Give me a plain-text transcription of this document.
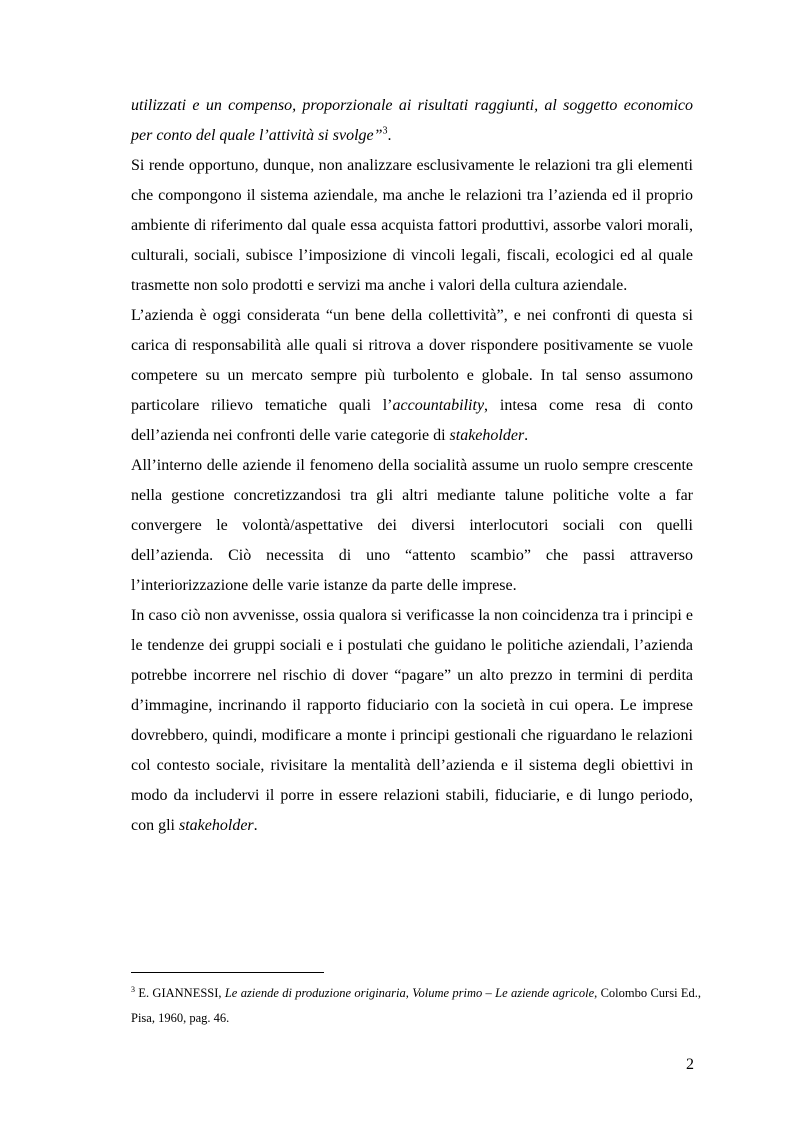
utilizzati e un compenso, proporzionale ai risultati raggiunti, al soggetto economico per conto del quale l’attività si svolge”$^3$.

Si rende opportuno, dunque, non analizzare esclusivamente le relazioni tra gli elementi che compongono il sistema aziendale, ma anche le relazioni tra l’azienda ed il proprio ambiente di riferimento dal quale essa acquista fattori produttivi, assorbe valori morali, culturali, sociali, subisce l’imposizione di vincoli legali, fiscali, ecologici ed al quale trasmette non solo prodotti e servizi ma anche i valori della cultura aziendale.

L’azienda è oggi considerata “un bene della collettività”, e nei confronti di questa si carica di responsabilità alle quali si ritrova a dover rispondere positivamente se vuole competere su un mercato sempre più turbolento e globale. In tal senso assumono particolare rilievo tematiche quali l’accountability, intesa come resa di conto dell’azienda nei confronti delle varie categorie di stakeholder.

All’interno delle aziende il fenomeno della socialità assume un ruolo sempre crescente nella gestione concretizzandosi tra gli altri mediante talune politiche volte a far convergere le volontà/aspettative dei diversi interlocutori sociali con quelli dell’azienda. Ciò necessita di uno “attento scambio” che passi attraverso l’interiorizzazione delle varie istanze da parte delle imprese.

In caso ciò non avvenisse, ossia qualora si verificasse la non coincidenza tra i principi e le tendenze dei gruppi sociali e i postulati che guidano le politiche aziendali, l’azienda potrebbe incorrere nel rischio di dover “pagare” un alto prezzo in termini di perdita d’immagine, incrinando il rapporto fiduciario con la società in cui opera. Le imprese dovrebbero, quindi, modificare a monte i principi gestionali che riguardano le relazioni col contesto sociale, rivisitare la mentalità dell’azienda e il sistema degli obiettivi in modo da includervi il porre in essere relazioni stabili, fiduciarie, e di lungo periodo, con gli stakeholder.

$^3$ E. GIANNESSI, Le aziende di produzione originaria, Volume primo – Le aziende agricole, Colombo Cursi Ed., Pisa, 1960, pag. 46.
2
